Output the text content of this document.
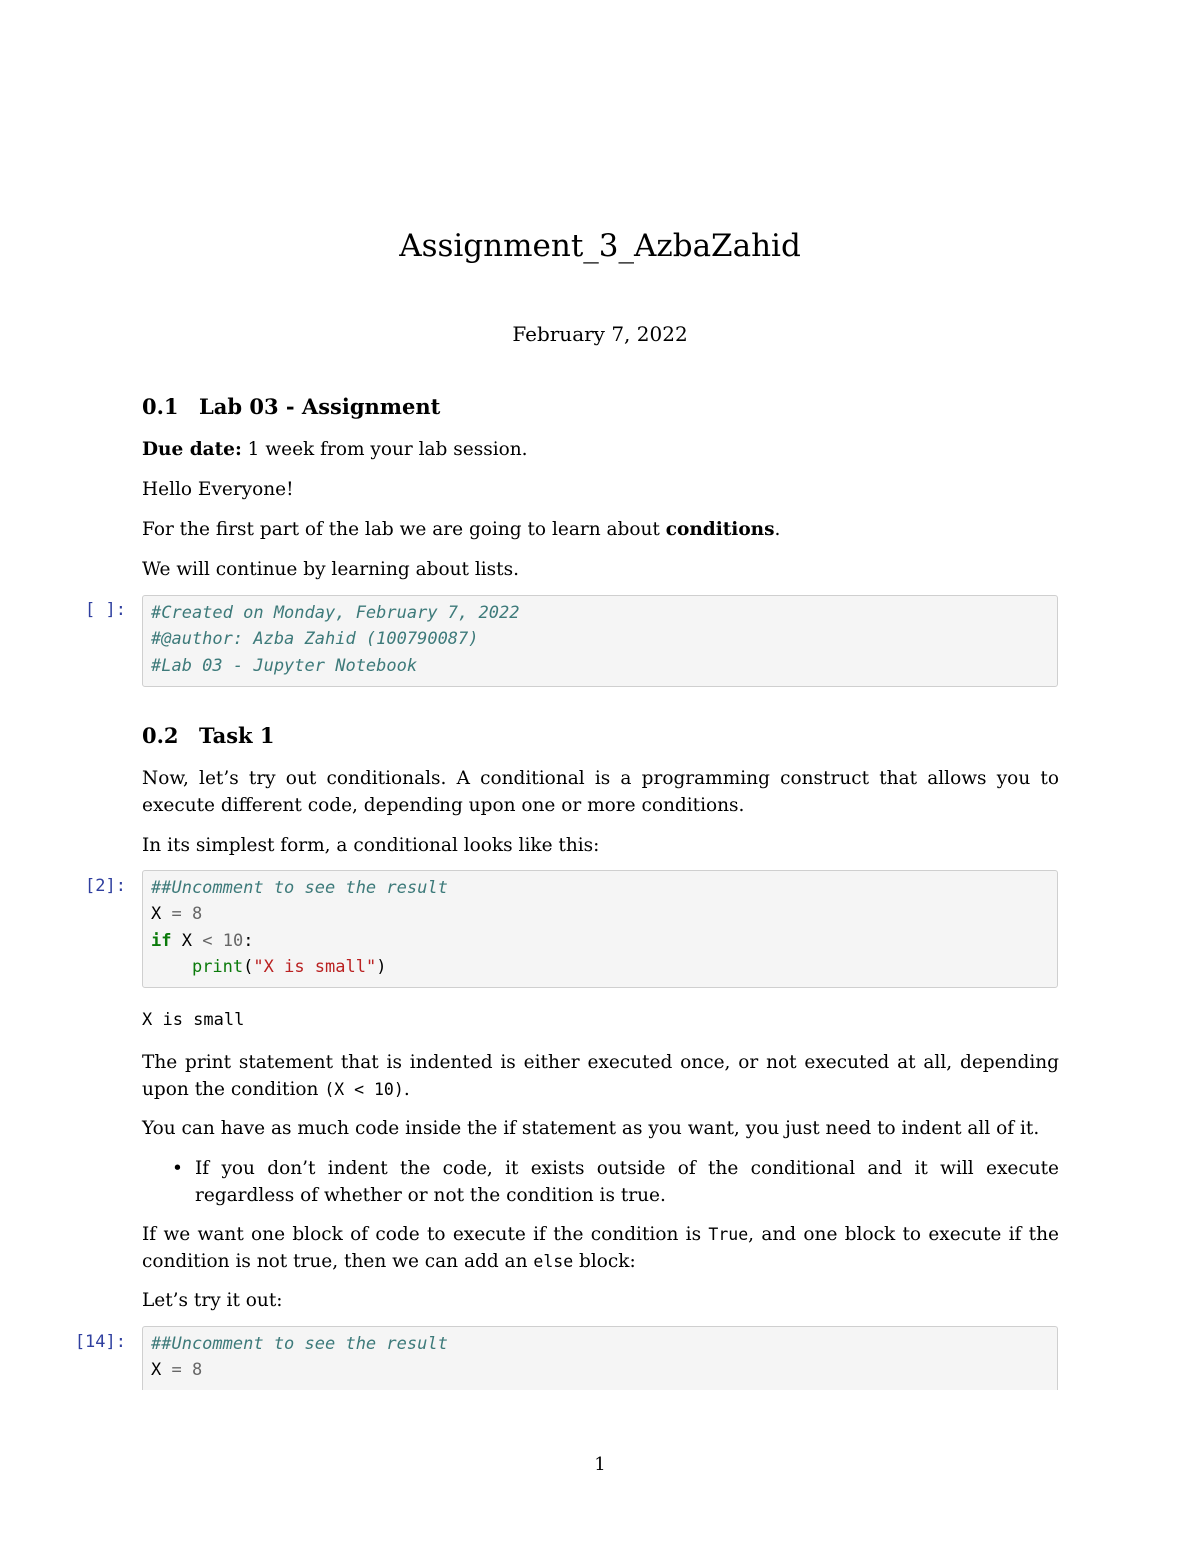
Assignment_3_AzbaZahid
February 7, 2022
0.1 Lab 03 - Assignment

Due date: 1 week from your lab session.

Hello Everyone!

For the first part of the lab we are going to learn about conditions.

We will continue by learning about lists.

[ ]: #Created on Monday, February 7, 2022
#@author: Azba Zahid (100790087)
#Lab 03 - Jupyter Notebook
0.2 Task 1

Now, let’s try out conditionals. A conditional is a programming construct that allows you to execute different code, depending upon one or more conditions.

In its simplest form, a conditional looks like this:

[2]: ##Uncomment to see the result
X = 8
if X < 10:
print("X is small")
X is small

The print statement that is indented is either executed once, or not executed at all, depending upon the condition (X < 10).

You can have as much code inside the if statement as you want, you just need to indent all of it.

• If you don’t indent the code, it exists outside of the conditional and it will execute regardless of whether or not the condition is true.

If we want one block of code to execute if the condition is True, and one block to execute if the condition is not true, then we can add an else block:

Let’s try it out:

[14]: ##Uncomment to see the result
X = 8
1
